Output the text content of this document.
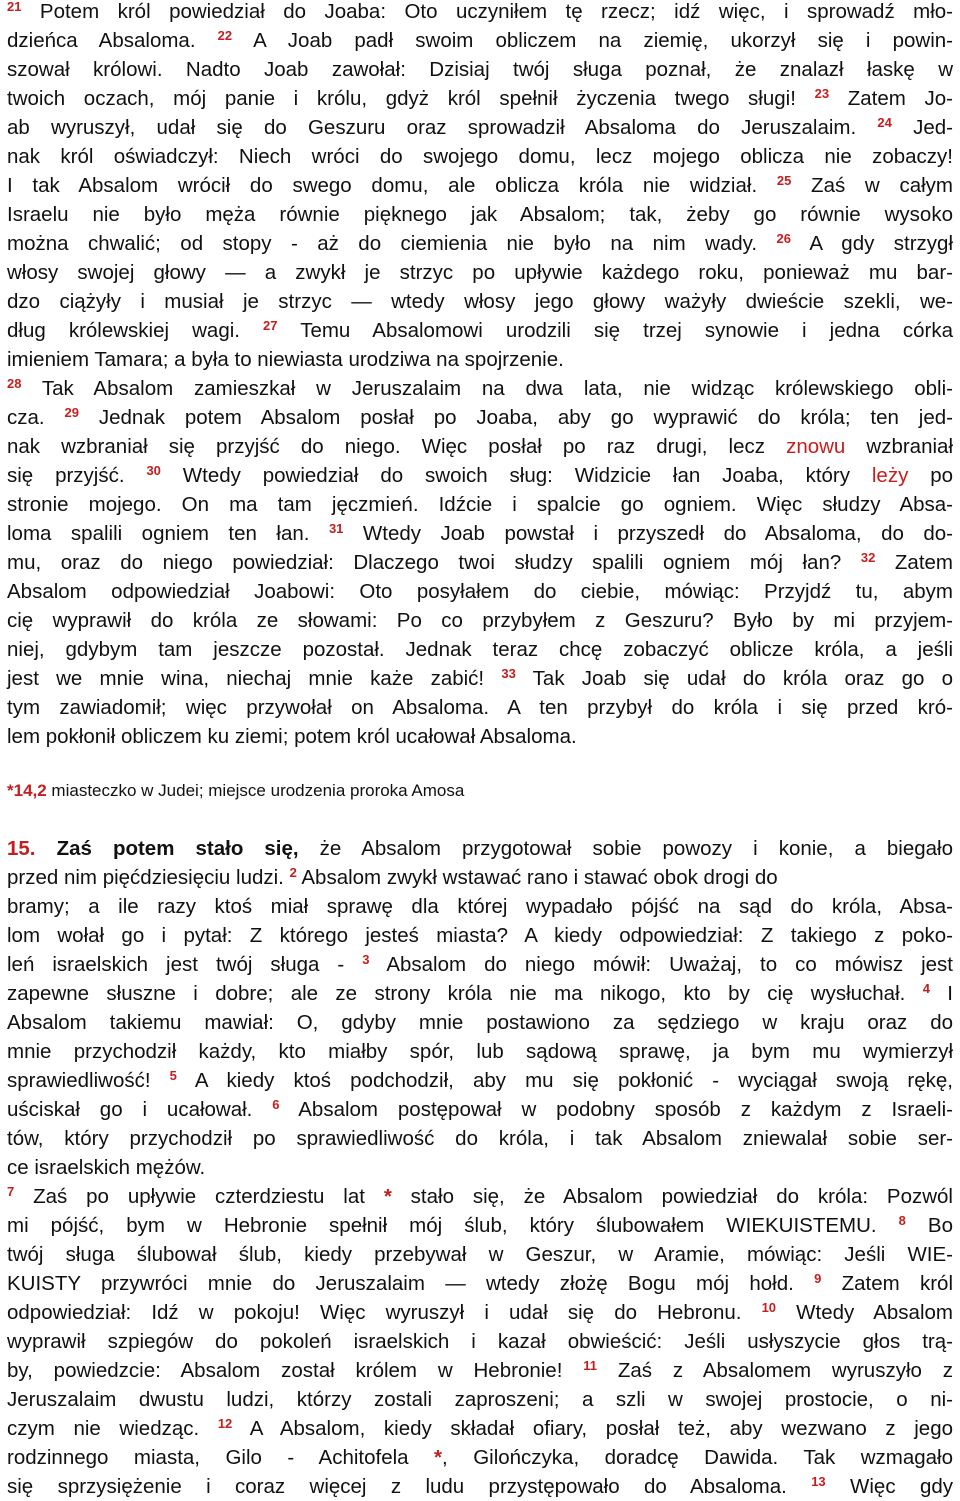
$^{21}$ Potem król powiedział do Joaba: Oto uczyniłem tę rzecz; idź więc, i sprowadź mło-
dzieńca Absaloma. $^{22}$ A Joab padł swoim obliczem na ziemię, ukorzył się i powin-
szował królowi. Nadto Joab zawołał: Dzisiaj twój sługa poznał, że znalazł łaskę w
twoich oczach, mój panie i królu, gdyż król spełnił życzenia twego sługi! $^{23}$ Zatem Jo-
ab wyruszył, udał się do Geszuru oraz sprowadził Absaloma do Jeruszalaim. $^{24}$ Jed-
nak król oświadczył: Niech wróci do swojego domu, lecz mojego oblicza nie zobaczy!
I tak Absalom wrócił do swego domu, ale oblicza króla nie widział. $^{25}$ Zaś w całym
Israelu nie było męża równie pięknego jak Absalom; tak, żeby go równie wysoko
można chwalić; od stopy - aż do ciemienia nie było na nim wady. $^{26}$ A gdy strzygł
włosy swojej głowy — a zwykł je strzyc po upływie każdego roku, ponieważ mu bar-
dzo ciążyły i musiał je strzyc — wtedy włosy jego głowy ważyły dwieście szekli, we-
dług królewskiej wagi. $^{27}$ Temu Absalomowi urodzili się trzej synowie i jedna córka
imieniem Tamara; a była to niewiasta urodziwa na spojrzenie.
$^{28}$ Tak Absalom zamieszkał w Jeruszalaim na dwa lata, nie widząc królewskiego obli-
cza. $^{29}$ Jednak potem Absalom posłał po Joaba, aby go wyprawić do króla; ten jed-
nak wzbraniał się przyjść do niego. Więc posłał po raz drugi, lecz znowu wzbraniał
się przyjść. $^{30}$ Wtedy powiedział do swoich sług: Widzicie łan Joaba, który leży po
stronie mojego. On ma tam jęczmień. Idźcie i spalcie go ogniem. Więc słudzy Absa-
loma spalili ogniem ten łan. $^{31}$ Wtedy Joab powstał i przyszedł do Absaloma, do do-
mu, oraz do niego powiedział: Dlaczego twoi słudzy spalili ogniem mój łan? $^{32}$ Zatem
Absalom odpowiedział Joabowi: Oto posyłałem do ciebie, mówiąc: Przyjdź tu, abym
cię wyprawił do króla ze słowami: Po co przybyłem z Geszuru? Było by mi przyjem-
niej, gdybym tam jeszcze pozostał. Jednak teraz chcę zobaczyć oblicze króla, a jeśli
jest we mnie wina, niechaj mnie każe zabić! $^{33}$ Tak Joab się udał do króla oraz go o
tym zawiadomił; więc przywołał on Absaloma. A ten przybył do króla i się przed kró-
lem pokłonił obliczem ku ziemi; potem król ucałował Absaloma.
*14,2 miasteczko w Judei; miejsce urodzenia proroka Amosa
15. Zaś potem stało się, że Absalom przygotował sobie powozy i konie, a biegało
przed nim pięćdziesięciu ludzi. $^2$ Absalom zwykł wstawać rano i stawać obok drogi do
bramy; a ile razy ktoś miał sprawę dla której wypadało pójść na sąd do króla, Absa-
lom wołał go i pytał: Z którego jesteś miasta? A kiedy odpowiedział: Z takiego z poko-
leń israelskich jest twój sługa - $^3$ Absalom do niego mówił: Uważaj, to co mówisz jest
zapewne słuszne i dobre; ale ze strony króla nie ma nikogo, kto by cię wysłuchał. $^4$ I
Absalom takiemu mawiał: O, gdyby mnie postawiono za sędziego w kraju oraz do
mnie przychodził każdy, kto miałby spór, lub sądową sprawę, ja bym mu wymierzył
sprawiedliwość! $^5$ A kiedy ktoś podchodził, aby mu się pokłonić - wyciągał swoją rękę,
uściskał go i ucałował. $^6$ Absalom postępował w podobny sposób z każdym z Israeli-
tów, który przychodził po sprawiedliwość do króla, i tak Absalom zniewalał sobie ser-
ce israelskich mężów.
$^7$ Zaś po upływie czterdziestu lat * stało się, że Absalom powiedział do króla: Pozwól
mi pójść, bym w Hebronie spełnił mój ślub, który ślubowałem WIEKUISTEMU. $^8$ Bo
twój sługa ślubował ślub, kiedy przebywał w Geszur, w Aramie, mówiąc: Jeśli WIE-
KUISTY przywróci mnie do Jeruszalaim — wtedy złożę Bogu mój hołd. $^9$ Zatem król
odpowiedział: Idź w pokoju! Więc wyruszył i udał się do Hebronu. $^{10}$ Wtedy Absalom
wyprawił szpiegów do pokoleń israelskich i kazał obwieścić: Jeśli usłyszycie głos trą-
by, powiedzcie: Absalom został królem w Hebronie! $^{11}$ Zaś z Absalomem wyruszyło z
Jeruszalaim dwustu ludzi, którzy zostali zaproszeni; a szli w swojej prostocie, o ni-
czym nie wiedząc. $^{12}$ A Absalom, kiedy składał ofiary, posłał też, aby wezwano z jego
rodzinnego miasta, Gilo - Achitofela *, Gilończyka, doradcę Dawida. Tak wzmagało
się sprzysiężenie i coraz więcej z ludu przystępowało do Absaloma. $^{13}$ Więc gdy
